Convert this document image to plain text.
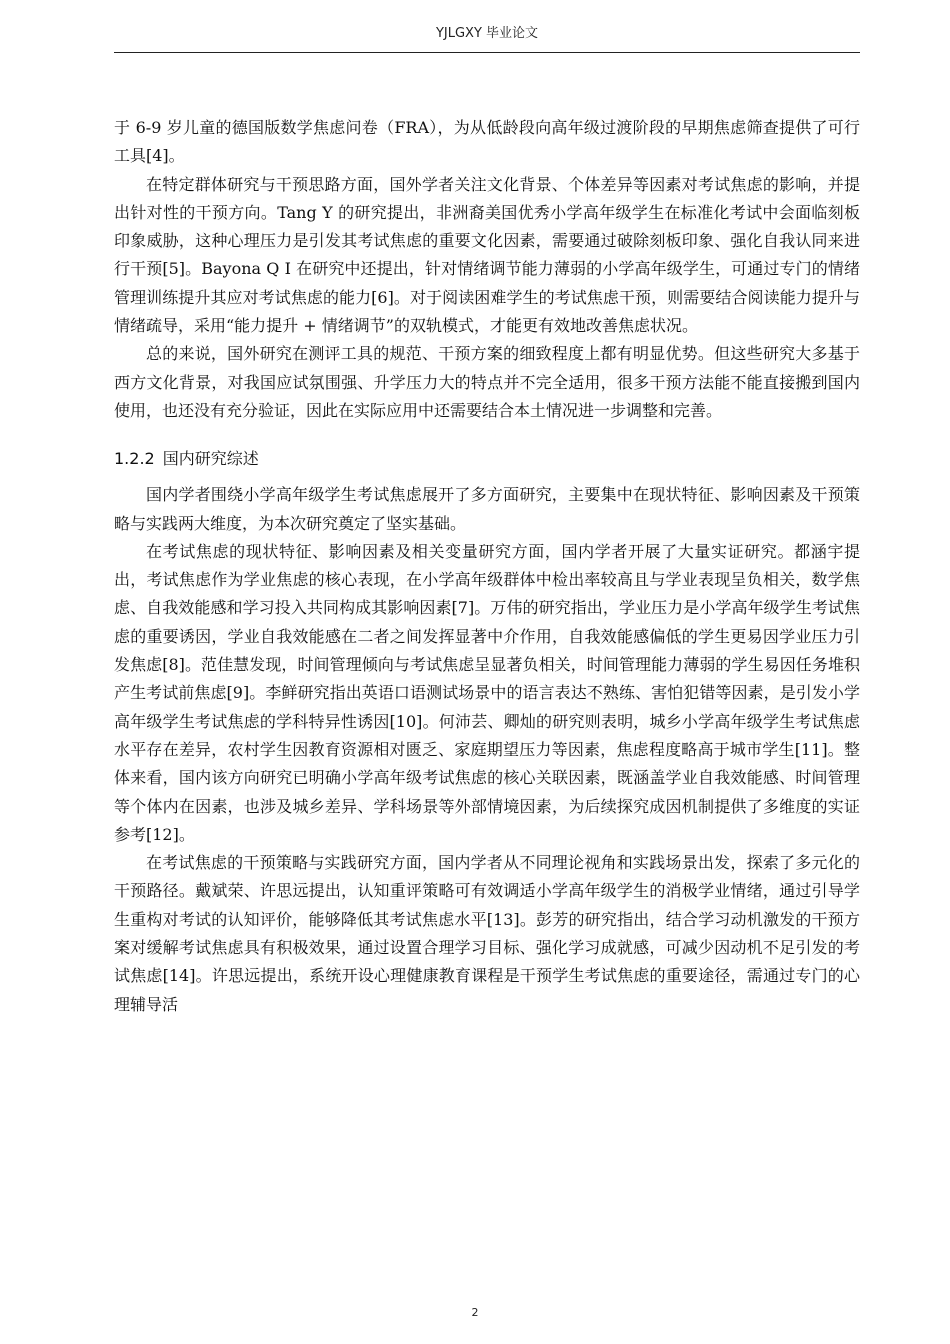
YJLGXY 毕业论文

于 6-9 岁儿童的德国版数学焦虑问卷（FRA），为从低龄段向高年级过渡阶段的早期焦虑筛查提供了可行工具[4]。

在特定群体研究与干预思路方面，国外学者关注文化背景、个体差异等因素对考试焦虑的影响，并提出针对性的干预方向。Tang Y 的研究提出，非洲裔美国优秀小学高年级学生在标准化考试中会面临刻板印象威胁，这种心理压力是引发其考试焦虑的重要文化因素，需要通过破除刻板印象、强化自我认同来进行干预[5]。Bayona Q I 在研究中还提出，针对情绪调节能力薄弱的小学高年级学生，可通过专门的情绪管理训练提升其应对考试焦虑的能力[6]。对于阅读困难学生的考试焦虑干预，则需要结合阅读能力提升与情绪疏导，采用“能力提升 + 情绪调节”的双轨模式，才能更有效地改善焦虑状况。

总的来说，国外研究在测评工具的规范、干预方案的细致程度上都有明显优势。但这些研究大多基于西方文化背景，对我国应试氛围强、升学压力大的特点并不完全适用，很多干预方法能不能直接搬到国内使用，也还没有充分验证，因此在实际应用中还需要结合本土情况进一步调整和完善。

1.2.2 国内研究综述

国内学者围绕小学高年级学生考试焦虑展开了多方面研究，主要集中在现状特征、影响因素及干预策略与实践两大维度，为本次研究奠定了坚实基础。

在考试焦虑的现状特征、影响因素及相关变量研究方面，国内学者开展了大量实证研究。都涵宇提出，考试焦虑作为学业焦虑的核心表现，在小学高年级群体中检出率较高且与学业表现呈负相关，数学焦虑、自我效能感和学习投入共同构成其影响因素[7]。万伟的研究指出，学业压力是小学高年级学生考试焦虑的重要诱因，学业自我效能感在二者之间发挥显著中介作用，自我效能感偏低的学生更易因学业压力引发焦虑[8]。范佳慧发现，时间管理倾向与考试焦虑呈显著负相关，时间管理能力薄弱的学生易因任务堆积产生考试前焦虑[9]。李鲜研究指出英语口语测试场景中的语言表达不熟练、害怕犯错等因素，是引发小学高年级学生考试焦虑的学科特异性诱因[10]。何沛芸、卿灿的研究则表明，城乡小学高年级学生考试焦虑水平存在差异，农村学生因教育资源相对匮乏、家庭期望压力等因素，焦虑程度略高于城市学生[11]。整体来看，国内该方向研究已明确小学高年级考试焦虑的核心关联因素，既涵盖学业自我效能感、时间管理等个体内在因素，也涉及城乡差异、学科场景等外部情境因素，为后续探究成因机制提供了多维度的实证参考[12]。

在考试焦虑的干预策略与实践研究方面，国内学者从不同理论视角和实践场景出发，探索了多元化的干预路径。戴斌荣、许思远提出，认知重评策略可有效调适小学高年级学生的消极学业情绪，通过引导学生重构对考试的认知评价，能够降低其考试焦虑水平[13]。彭芳的研究指出，结合学习动机激发的干预方案对缓解考试焦虑具有积极效果，通过设置合理学习目标、强化学习成就感，可减少因动机不足引发的考试焦虑[14]。许思远提出，系统开设心理健康教育课程是干预学生考试焦虑的重要途径，需通过专门的心理辅导活

2
